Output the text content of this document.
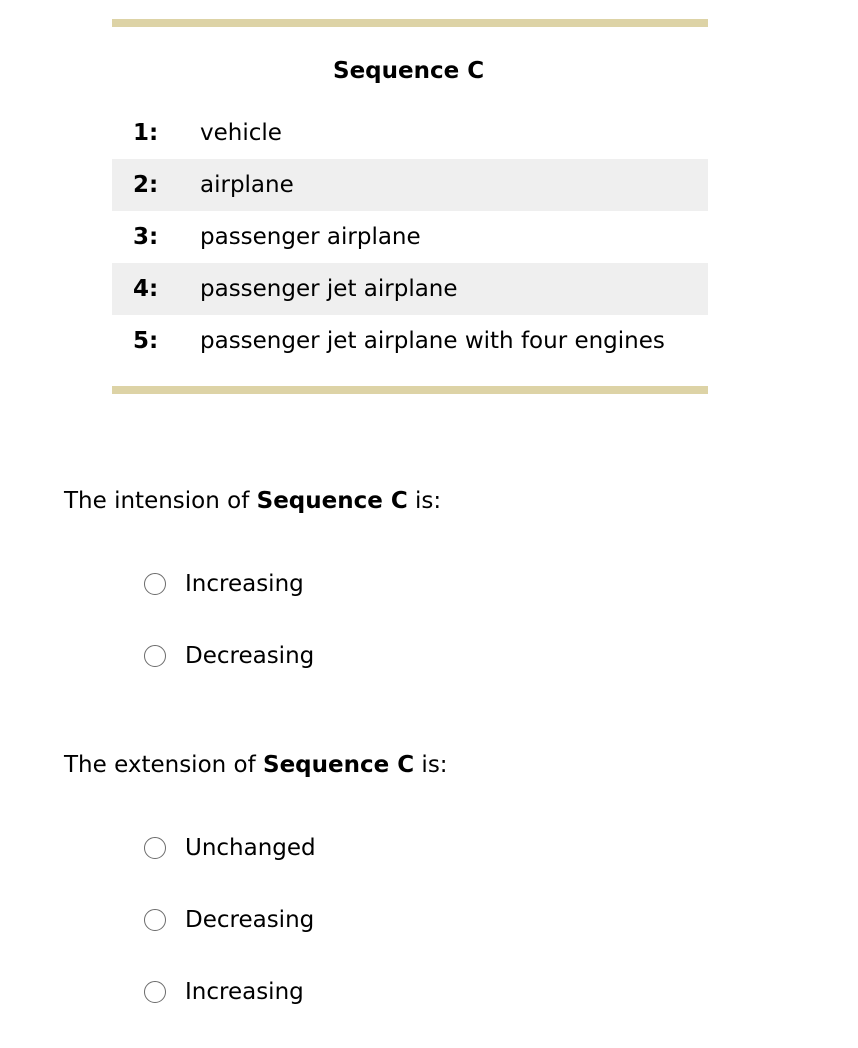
Sequence C
1:	vehicle
2:	airplane
3:	passenger airplane
4:	passenger jet airplane
5:	passenger jet airplane with four engines
The intension of Sequence C is:
Increasing
Decreasing
The extension of Sequence C is:
Unchanged
Decreasing
Increasing
